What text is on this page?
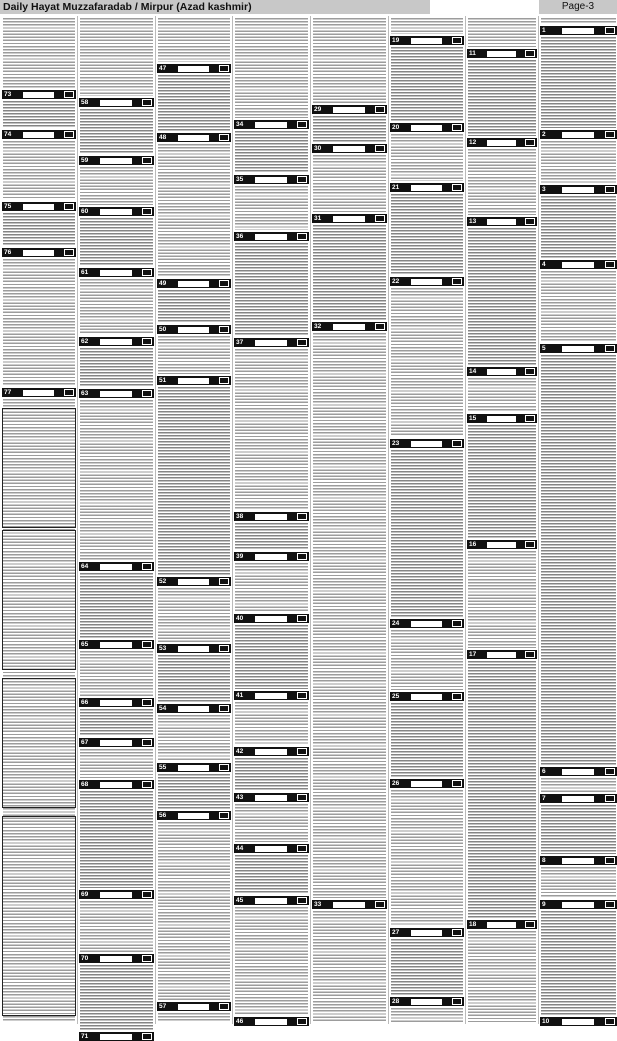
Daily Hayat Muzzafaradab / Mirpur (Azad kashmir)	Page-3
73
74
75
76
77
58
59
60
61
62
63
64
65
66
67
68
69
70
71
47
48
49
50
51
52
53
54
55
56
57
34
35
36
37
38
39
40
41
42
43
44
45
46
29
30
31
32
33
19
20
21
22
23
24
25
26
27
28
11
12
13
14
15
16
17
18
1
2
3
4
5
6
7
8
9
10
